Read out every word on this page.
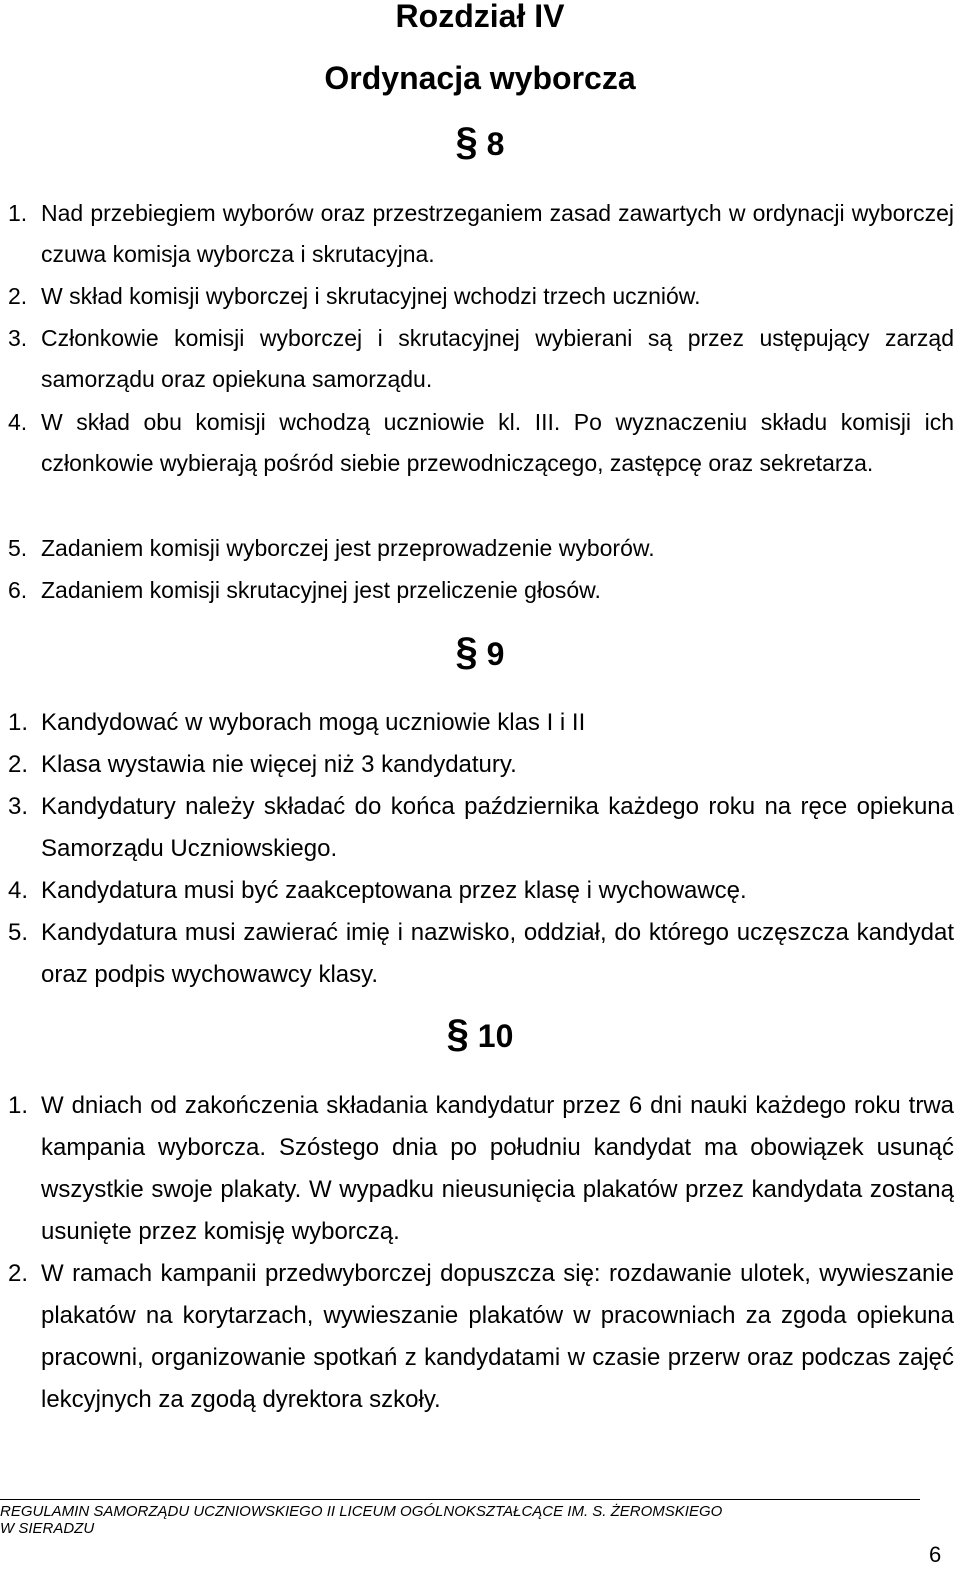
Rozdział IV
Ordynacja wyborcza
§ 8
1. Nad przebiegiem wyborów oraz przestrzeganiem zasad zawartych w ordynacji wyborczej czuwa komisja wyborcza i skrutacyjna.
2. W skład komisji wyborczej i skrutacyjnej wchodzi trzech uczniów.
3. Członkowie komisji wyborczej i skrutacyjnej wybierani są przez ustępujący zarząd samorządu oraz opiekuna samorządu.
4. W skład obu komisji wchodzą uczniowie kl. III. Po wyznaczeniu składu komisji ich członkowie wybierają pośród siebie przewodniczącego, zastępcę oraz sekretarza.
5. Zadaniem komisji wyborczej jest przeprowadzenie wyborów.
6. Zadaniem komisji skrutacyjnej jest przeliczenie głosów.
§ 9
1. Kandydować w wyborach mogą uczniowie klas I i II
2. Klasa wystawia nie więcej niż 3 kandydatury.
3. Kandydatury należy składać do końca października każdego roku na ręce opiekuna Samorządu Uczniowskiego.
4. Kandydatura musi być zaakceptowana przez klasę i wychowawcę.
5. Kandydatura musi zawierać imię i nazwisko, oddział, do którego uczęszcza kandydat oraz podpis wychowawcy klasy.
§ 10
1. W dniach od zakończenia składania kandydatur przez 6 dni nauki każdego roku trwa kampania wyborcza. Szóstego dnia po południu kandydat ma obowiązek usunąć wszystkie swoje plakaty. W wypadku nieusunięcia plakatów przez kandydata zostaną usunięte przez komisję wyborczą.
2. W ramach kampanii przedwyborczej dopuszcza się: rozdawanie ulotek, wywieszanie plakatów na korytarzach, wywieszanie plakatów w pracowniach za zgoda opiekuna pracowni, organizowanie spotkań z kandydatami w czasie przerw oraz podczas zajęć lekcyjnych za zgodą dyrektora szkoły.
REGULAMIN SAMORZĄDU UCZNIOWSKIEGO II LICEUM OGÓLNOKSZTAŁCĄCE IM. S. ŻEROMSKIEGO
W SIERADZU
6
